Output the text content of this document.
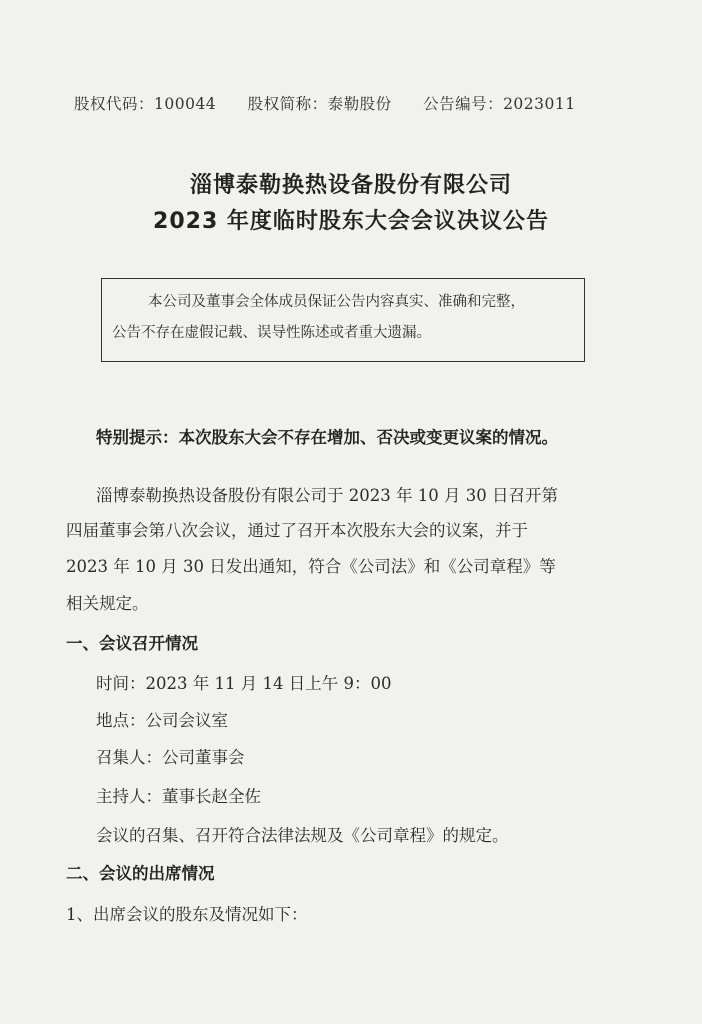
股权代码：100044 股权简称：泰勒股份 公告编号：2023011
淄博泰勒换热设备股份有限公司
2023 年度临时股东大会会议决议公告
本公司及董事会全体成员保证公告内容真实、准确和完整，
公告不存在虚假记载、误导性陈述或者重大遗漏。
特别提示：本次股东大会不存在增加、否决或变更议案的情况。
淄博泰勒换热设备股份有限公司于 2023 年 10 月 30 日召开第
四届董事会第八次会议，通过了召开本次股东大会的议案，并于
2023 年 10 月 30 日发出通知，符合《公司法》和《公司章程》等
相关规定。
一、会议召开情况
时间：2023 年 11 月 14 日上午 9：00
地点：公司会议室
召集人：公司董事会
主持人：董事长赵全佐
会议的召集、召开符合法律法规及《公司章程》的规定。
二、会议的出席情况
1、出席会议的股东及情况如下：
